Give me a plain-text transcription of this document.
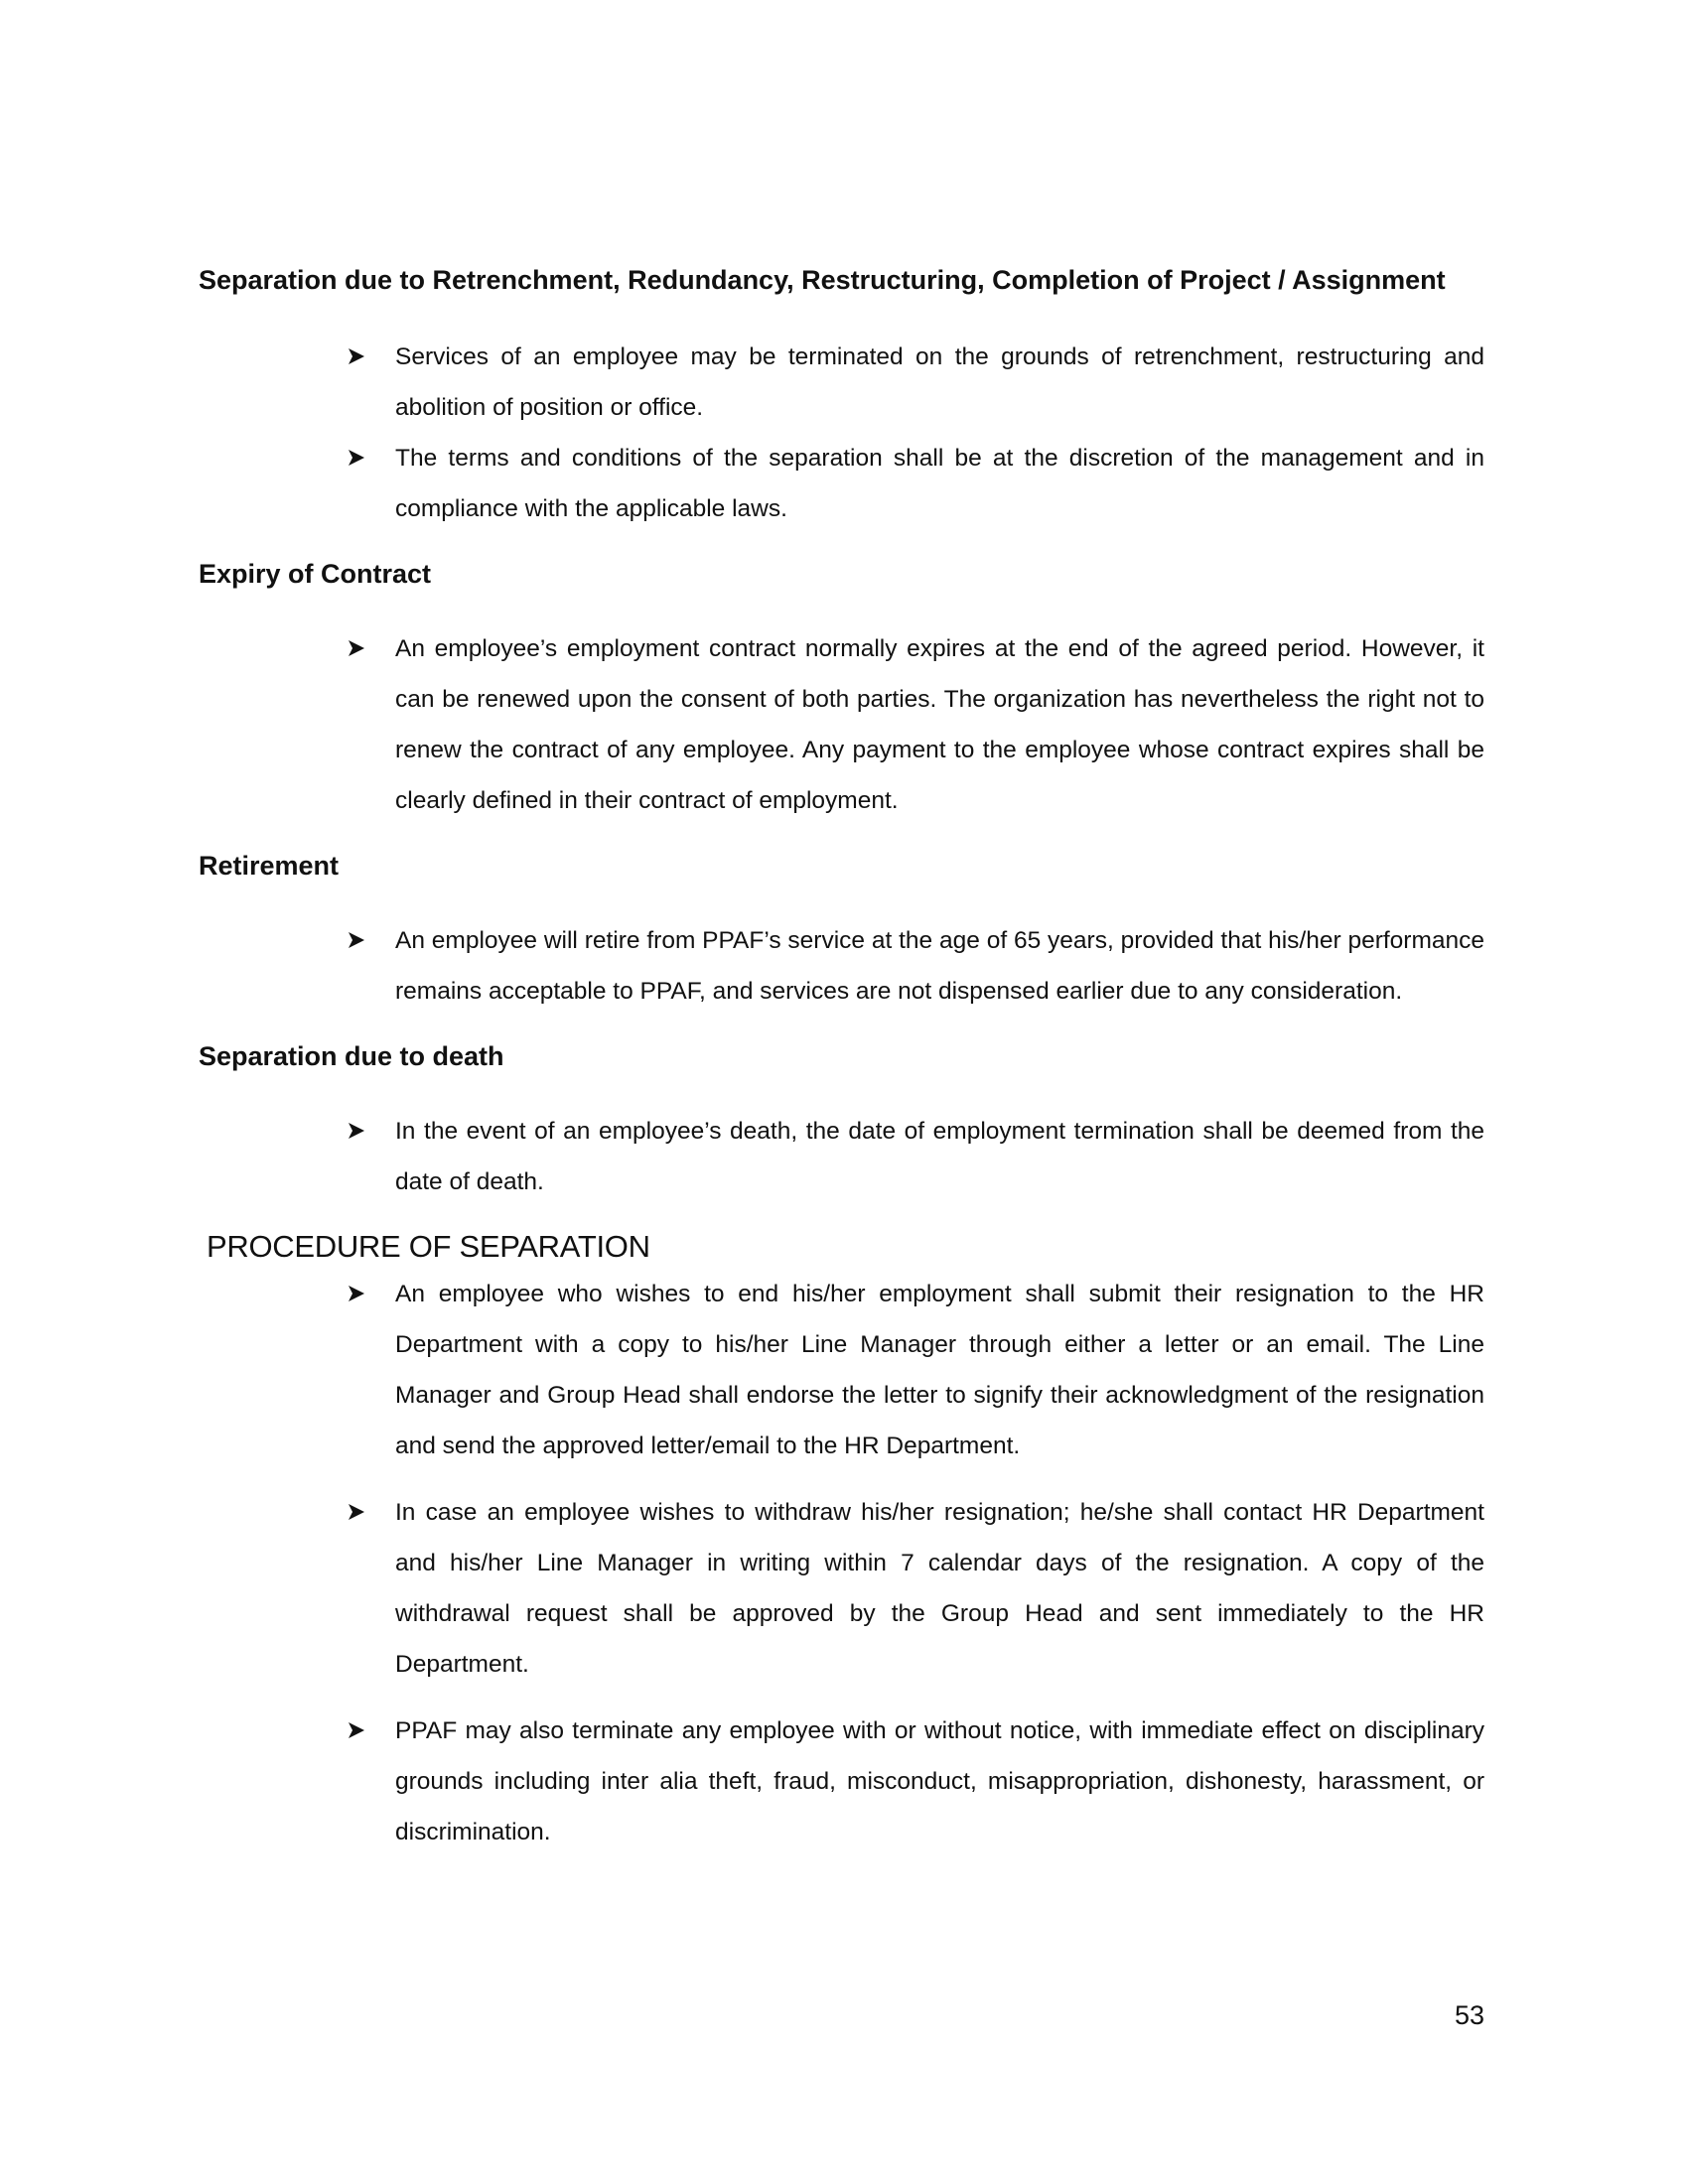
Separation due to Retrenchment, Redundancy, Restructuring, Completion of Project / Assignment
Services of an employee may be terminated on the grounds of retrenchment, restructuring and abolition of position or office.
The terms and conditions of the separation shall be at the discretion of the management and in compliance with the applicable laws.
Expiry of Contract
An employee’s employment contract normally expires at the end of the agreed period. However, it can be renewed upon the consent of both parties. The organization has nevertheless the right not to renew the contract of any employee. Any payment to the employee whose contract expires shall be clearly defined in their contract of employment.
Retirement
An employee will retire from PPAF’s service at the age of 65 years, provided that his/her performance remains acceptable to PPAF, and services are not dispensed earlier due to any consideration.
Separation due to death
In the event of an employee’s death, the date of employment termination shall be deemed from the date of death.
PROCEDURE OF SEPARATION
An employee who wishes to end his/her employment shall submit their resignation to the HR Department with a copy to his/her Line Manager through either a letter or an email. The Line Manager and Group Head shall endorse the letter to signify their acknowledgment of the resignation and send the approved letter/email to the HR Department.
In case an employee wishes to withdraw his/her resignation; he/she shall contact HR Department and his/her Line Manager in writing within 7 calendar days of the resignation. A copy of the withdrawal request shall be approved by the Group Head and sent immediately to the HR Department.
PPAF may also terminate any employee with or without notice, with immediate effect on disciplinary grounds including inter alia theft, fraud, misconduct, misappropriation, dishonesty, harassment, or discrimination.
53
